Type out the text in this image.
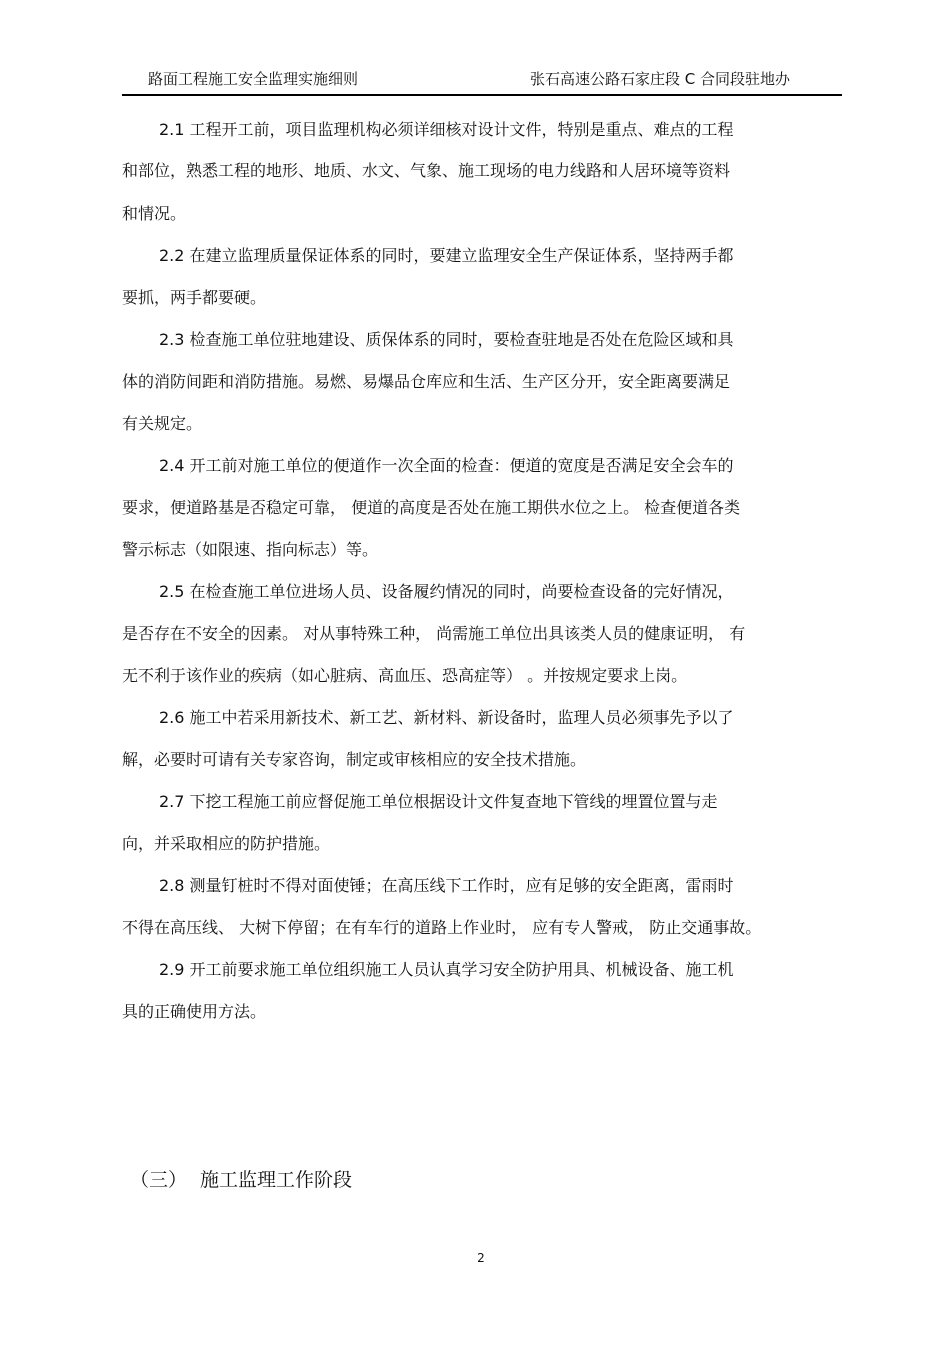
路面工程施工安全监理实施细则	张石高速公路石家庄段 C 合同段驻地办
2.1 工程开工前，项目监理机构必须详细核对设计文件，特别是重点、难点的工程
和部位，熟悉工程的地形、地质、水文、气象、施工现场的电力线路和人居环境等资料
和情况。
2.2 在建立监理质量保证体系的同时，要建立监理安全生产保证体系，坚持两手都
要抓，两手都要硬。
2.3 检查施工单位驻地建设、质保体系的同时，要检查驻地是否处在危险区域和具
体的消防间距和消防措施。易燃、易爆品仓库应和生活、生产区分开，安全距离要满足
有关规定。
2.4 开工前对施工单位的便道作一次全面的检查：便道的宽度是否满足安全会车的
要求，便道路基是否稳定可靠， 便道的高度是否处在施工期供水位之上。 检查便道各类
警示标志（如限速、指向标志）等。
2.5 在检查施工单位进场人员、设备履约情况的同时，尚要检查设备的完好情况，
是否存在不安全的因素。 对从事特殊工种， 尚需施工单位出具该类人员的健康证明， 有
无不利于该作业的疾病（如心脏病、高血压、恐高症等） 。并按规定要求上岗。
2.6 施工中若采用新技术、新工艺、新材料、新设备时，监理人员必须事先予以了
解，必要时可请有关专家咨询，制定或审核相应的安全技术措施。
2.7 下挖工程施工前应督促施工单位根据设计文件复查地下管线的埋置位置与走
向，并采取相应的防护措施。
2.8 测量钉桩时不得对面使锤；在高压线下工作时，应有足够的安全距离，雷雨时
不得在高压线、 大树下停留；在有车行的道路上作业时， 应有专人警戒， 防止交通事故。
2.9 开工前要求施工单位组织施工人员认真学习安全防护用具、机械设备、施工机
具的正确使用方法。
（三） 施工监理工作阶段
2
